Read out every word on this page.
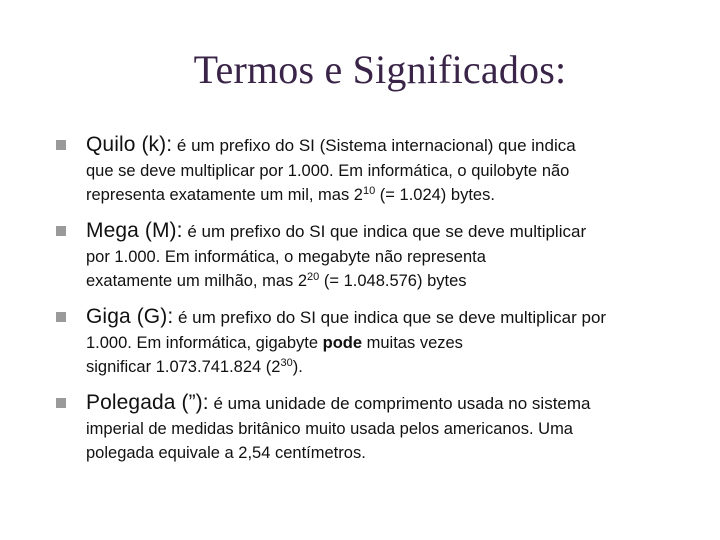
Termos e Significados:
Quilo (k): é um prefixo do SI (Sistema internacional) que indica
que se deve multiplicar por 1.000. Em informática, o quilobyte não
representa exatamente um mil, mas $2^{10}$ (= 1.024) bytes.
Mega (M): é um prefixo do SI que indica que se deve multiplicar
por 1.000. Em informática, o megabyte não representa
exatamente um milhão, mas $2^{20}$ (= 1.048.576) bytes
Giga (G): é um prefixo do SI que indica que se deve multiplicar por
1.000. Em informática, gigabyte pode muitas vezes
significar 1.073.741.824 $(2^{30})$.
Polegada (”): é uma unidade de comprimento usada no sistema
imperial de medidas britânico muito usada pelos americanos. Uma
polegada equivale a 2,54 centímetros.
